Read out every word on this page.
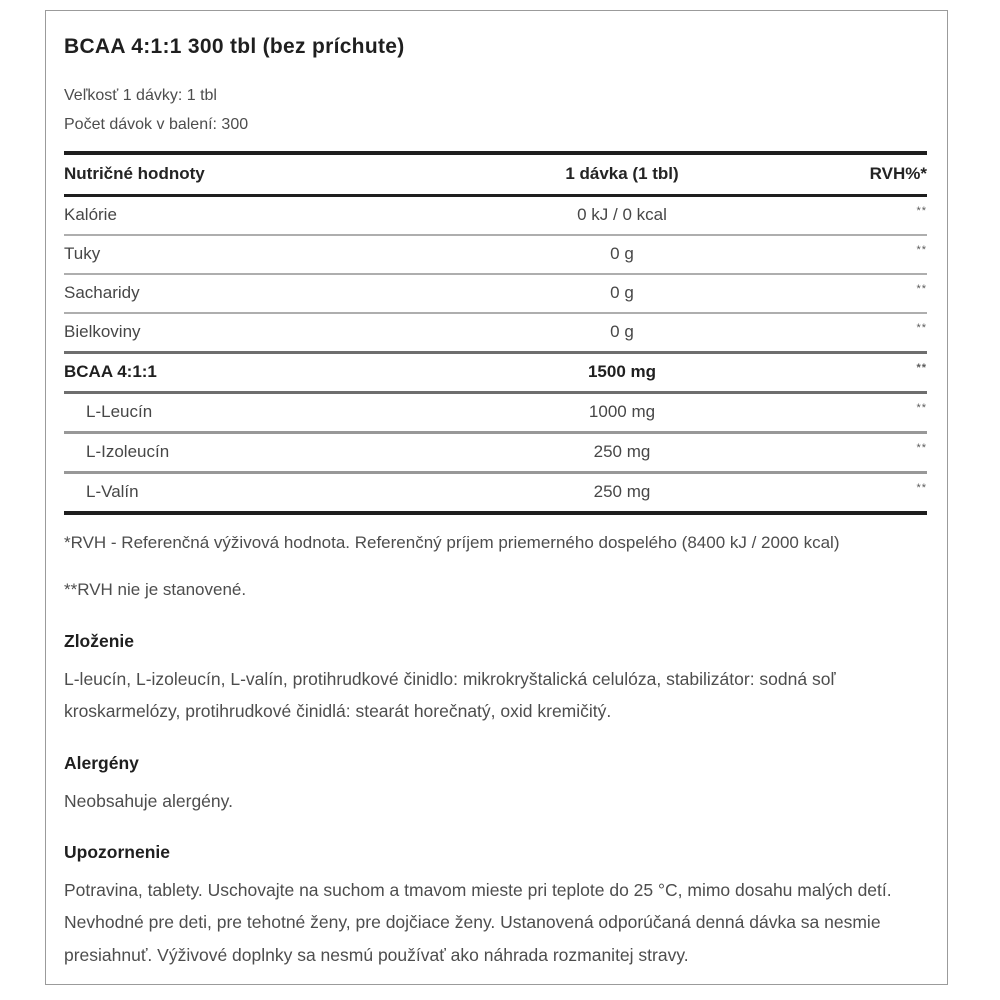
BCAA 4:1:1 300 tbl (bez príchute)
Veľkosť 1 dávky: 1 tbl
Počet dávok v balení: 300
Nutričné hodnoty	1 dávka (1 tbl)	RVH%*
Kalórie	0 kJ / 0 kcal	**
Tuky	0 g	**
Sacharidy	0 g	**
Bielkoviny	0 g	**
BCAA 4:1:1	1500 mg	**
L-Leucín	1000 mg	**
L-Izoleucín	250 mg	**
L-Valín	250 mg	**
*RVH - Referenčná výživová hodnota. Referenčný príjem priemerného dospelého (8400 kJ / 2000 kcal)
**RVH nie je stanovené.
Zloženie
L-leucín, L-izoleucín, L-valín, protihrudkové činidlo: mikrokryštalická celulóza, stabilizátor: sodná soľ kroskarmelózy, protihrudkové činidlá: stearát horečnatý, oxid kremičitý.
Alergény
Neobsahuje alergény.
Upozornenie
Potravina, tablety. Uschovajte na suchom a tmavom mieste pri teplote do 25 °C, mimo dosahu malých detí. Nevhodné pre deti, pre tehotné ženy, pre dojčiace ženy. Ustanovená odporúčaná denná dávka sa nesmie presiahnuť. Výživové doplnky sa nesmú používať ako náhrada rozmanitej stravy.
